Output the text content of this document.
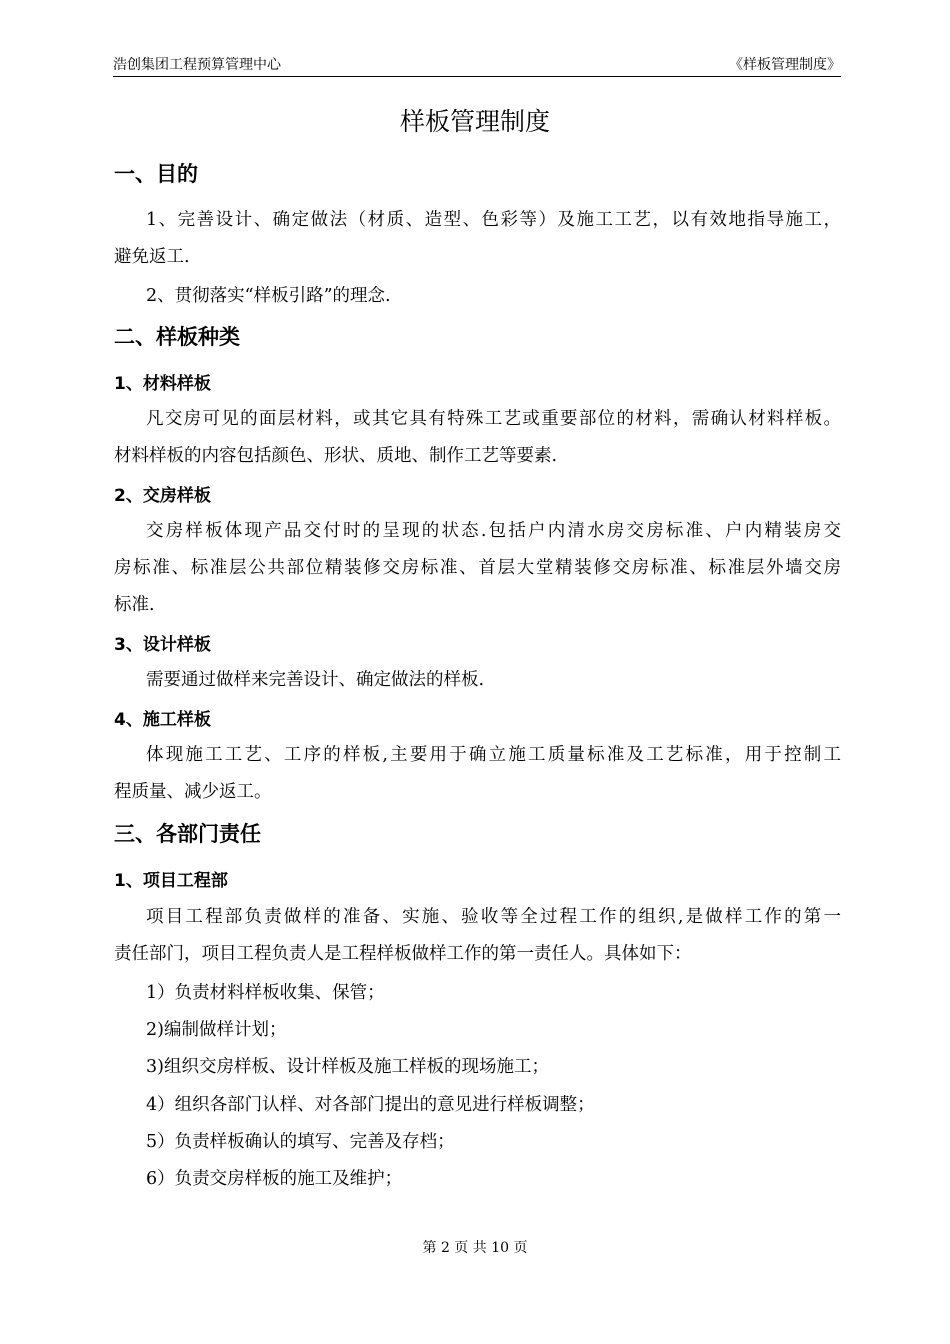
浩创集团工程预算管理中心	《样板管理制度》
样板管理制度
一、目的
1、完善设计、确定做法（材质、造型、色彩等）及施工工艺，以有效地指导施工，
避免返工.
2、贯彻落实“样板引路”的理念.
二、样板种类
1、材料样板
凡交房可见的面层材料，或其它具有特殊工艺或重要部位的材料，需确认材料样板。
材料样板的内容包括颜色、形状、质地、制作工艺等要素.
2、交房样板
交房样板体现产品交付时的呈现的状态.包括户内清水房交房标准、户内精装房交
房标准、标准层公共部位精装修交房标准、首层大堂精装修交房标准、标准层外墙交房
标准.
3、设计样板
需要通过做样来完善设计、确定做法的样板.
4、施工样板
体现施工工艺、工序的样板,主要用于确立施工质量标准及工艺标准，用于控制工
程质量、减少返工。
三、各部门责任
1、项目工程部
项目工程部负责做样的准备、实施、验收等全过程工作的组织,是做样工作的第一
责任部门，项目工程负责人是工程样板做样工作的第一责任人。具体如下：
1）负责材料样板收集、保管；
2)编制做样计划；
3)组织交房样板、设计样板及施工样板的现场施工；
4）组织各部门认样、对各部门提出的意见进行样板调整；
5）负责样板确认的填写、完善及存档；
6）负责交房样板的施工及维护；
第 2 页 共 10 页
